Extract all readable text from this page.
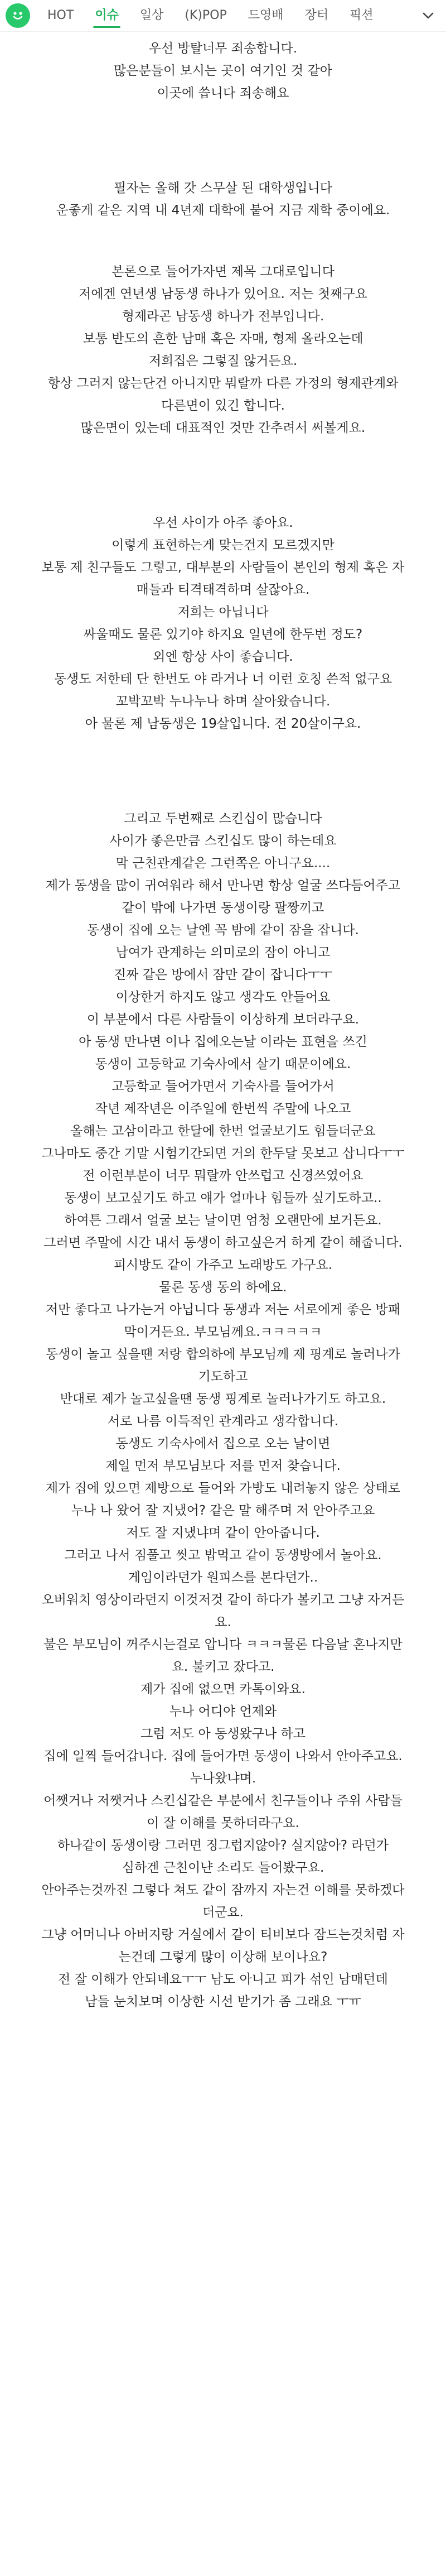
HOT	이슈	일상	(K)POP	드영배	장터	픽션
우선 방탈너무 죄송합니다.
많은분들이 보시는 곳이 여기인 것 같아
이곳에 씁니다 죄송해요
필자는 올해 갓 스무살 된 대학생입니다
운좋게 같은 지역 내 4년제 대학에 붙어 지금 재학 중이에요.
본론으로 들어가자면 제목 그대로입니다
저에겐 연년생 남동생 하나가 있어요. 저는 첫째구요
형제라곤 남동생 하나가 전부입니다.
보통 반도의 흔한 남매 혹은 자매, 형제 올라오는데
저희집은 그렇질 않거든요.
항상 그러지 않는단건 아니지만 뭐랄까 다른 가정의 형제관계와
다른면이 있긴 합니다.
많은면이 있는데 대표적인 것만 간추려서 써볼게요.
우선 사이가 아주 좋아요.
이렇게 표현하는게 맞는건지 모르겠지만
보통 제 친구들도 그렇고, 대부분의 사람들이 본인의 형제 혹은 자
매들과 티격태격하며 살잖아요.
저희는 아닙니다
싸울때도 물론 있기야 하지요 일년에 한두번 정도?
외엔 항상 사이 좋습니다.
동생도 저한테 단 한번도 야 라거나 너 이런 호칭 쓴적 없구요
꼬박꼬박 누나누나 하며 살아왔습니다.
아 물론 제 남동생은 19살입니다. 전 20살이구요.
그리고 두번째로 스킨십이 많습니다
사이가 좋은만큼 스킨십도 많이 하는데요
막 근친관계같은 그런쪽은 아니구요....
제가 동생을 많이 귀여워라 해서 만나면 항상 얼굴 쓰다듬어주고
같이 밖에 나가면 동생이랑 팔짱끼고
동생이 집에 오는 날엔 꼭 밤에 같이 잠을 잡니다.
남여가 관계하는 의미로의 잠이 아니고
진짜 같은 방에서 잠만 같이 잡니다ㅜㅜ
이상한거 하지도 않고 생각도 안들어요
이 부분에서 다른 사람들이 이상하게 보더라구요.
아 동생 만나면 이나 집에오는날 이라는 표현을 쓰긴
동생이 고등학교 기숙사에서 살기 때문이에요.
고등학교 들어가면서 기숙사를 들어가서
작년 제작년은 이주일에 한번씩 주말에 나오고
올해는 고삼이라고 한달에 한번 얼굴보기도 힘들더군요
그나마도 중간 기말 시험기간되면 거의 한두달 못보고 삽니다ㅜㅜ
전 이런부분이 너무 뭐랄까 안쓰럽고 신경쓰였어요
동생이 보고싶기도 하고 얘가 얼마나 힘들까 싶기도하고..
하여튼 그래서 얼굴 보는 날이면 엄청 오랜만에 보거든요.
그러면 주말에 시간 내서 동생이 하고싶은거 하게 같이 해줍니다.
피시방도 같이 가주고 노래방도 가구요.
물론 동생 동의 하에요.
저만 좋다고 나가는거 아닙니다 동생과 저는 서로에게 좋은 방패
막이거든요. 부모님께요.ㅋㅋㅋㅋㅋ
동생이 놀고 싶을땐 저랑 합의하에 부모님께 제 핑계로 놀러나가
기도하고
반대로 제가 놀고싶을땐 동생 핑계로 놀러나가기도 하고요.
서로 나름 이득적인 관계라고 생각합니다.
동생도 기숙사에서 집으로 오는 날이면
제일 먼저 부모님보다 저를 먼저 찾습니다.
제가 집에 있으면 제방으로 들어와 가방도 내려놓지 않은 상태로
누나 나 왔어 잘 지냈어? 같은 말 해주며 저 안아주고요
저도 잘 지냈냐며 같이 안아줍니다.
그러고 나서 짐풀고 씻고 밥먹고 같이 동생방에서 놀아요.
게임이라던가 원피스를 본다던가..
오버워치 영상이라던지 이것저것 같이 하다가 볼키고 그냥 자거든
요.
불은 부모님이 꺼주시는걸로 압니다 ㅋㅋㅋ물론 다음날 혼나지만
요. 불키고 잤다고.
제가 집에 없으면 카톡이와요.
누나 어디야 언제와
그럼 저도 아 동생왔구나 하고
집에 일찍 들어갑니다. 집에 들어가면 동생이 나와서 안아주고요.
누나왔냐며.
어쨋거나 저쨋거나 스킨십같은 부분에서 친구들이나 주위 사람들
이 잘 이해를 못하더라구요.
하나같이 동생이랑 그러면 징그럽지않아? 실지않아? 라던가
심하겐 근친이냔 소리도 들어봤구요.
안아주는것까진 그렇다 쳐도 같이 잠까지 자는건 이해를 못하겠다
더군요.
그냥 어머니나 아버지랑 거실에서 같이 티비보다 잠드는것처럼 자
는건데 그렇게 많이 이상해 보이나요?
전 잘 이해가 안되네요ㅜㅜ 남도 아니고 피가 섞인 남매던데
남들 눈치보며 이상한 시선 받기가 좀 그래요 ㅜㅠ
